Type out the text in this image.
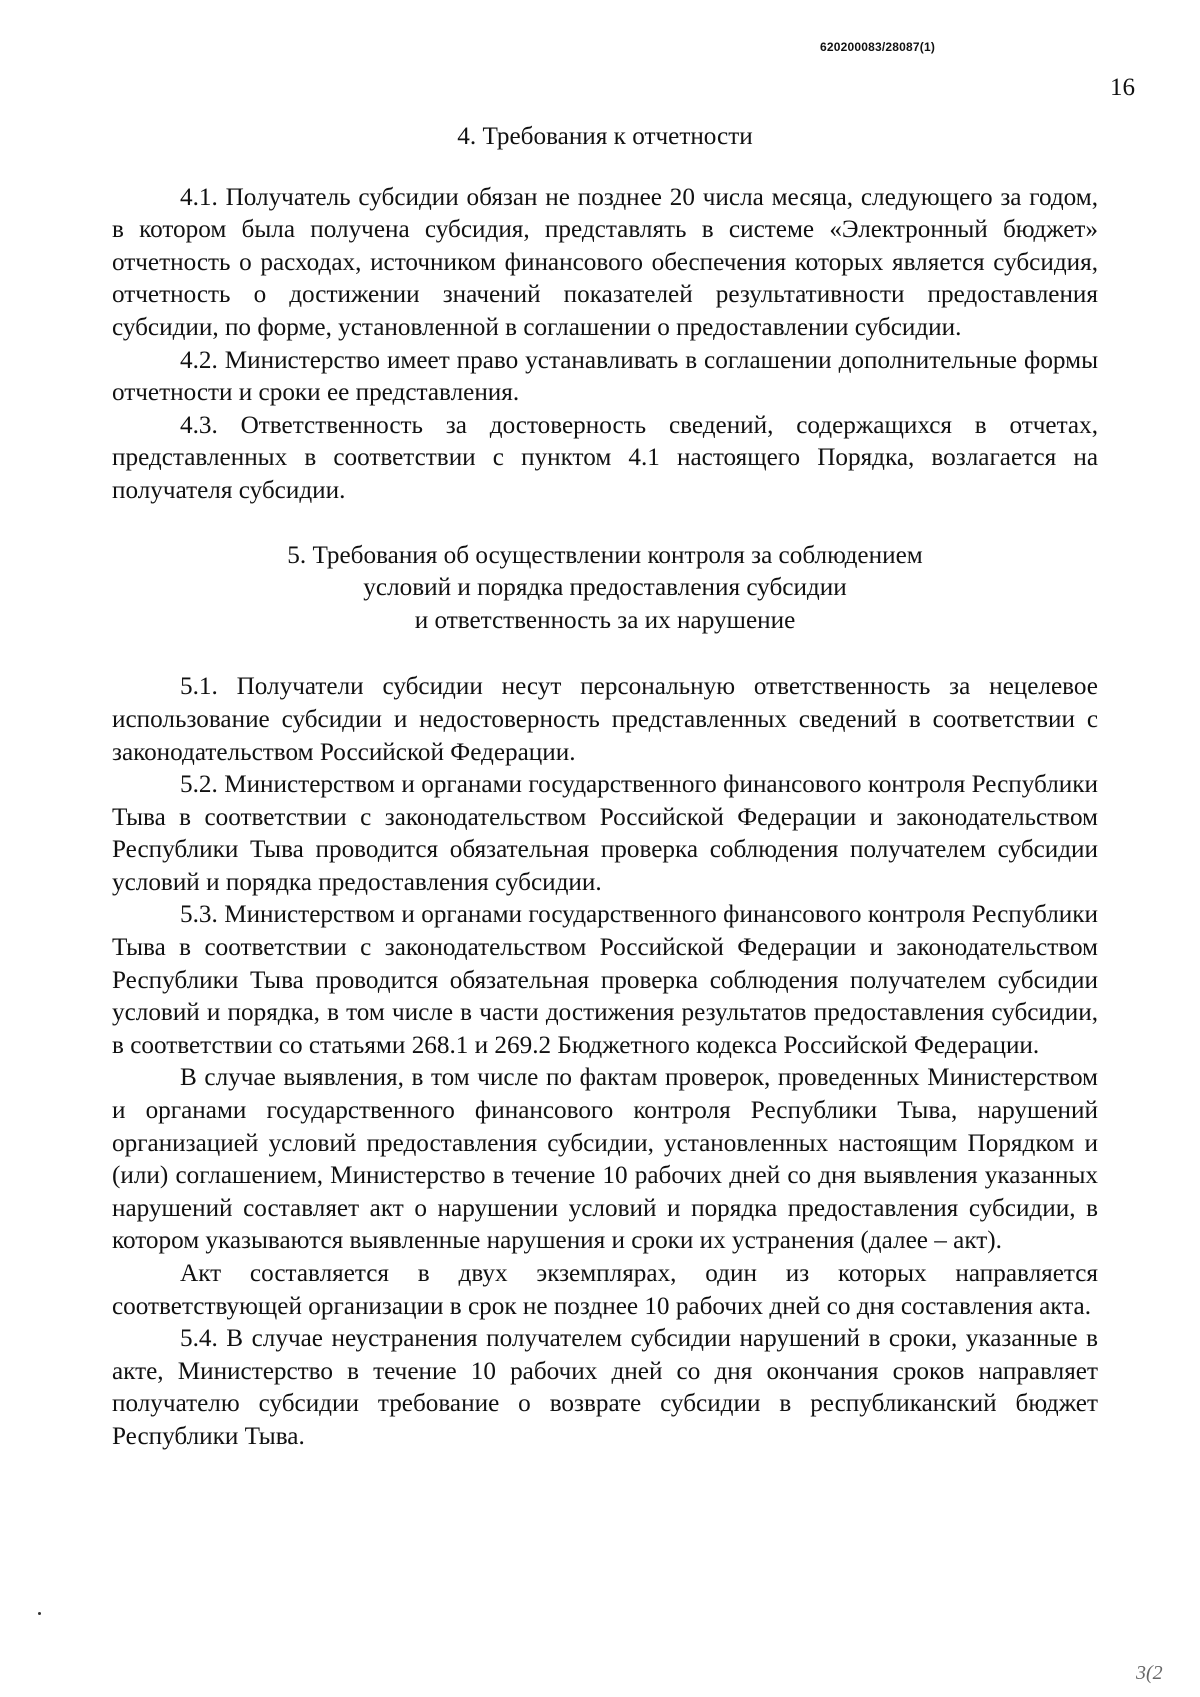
620200083/28087(1)
16
4. Требования к отчетности

4.1. Получатель субсидии обязан не позднее 20 числа месяца, следующего за годом, в котором была получена субсидия, представлять в системе «Электронный бюджет» отчетность о расходах, источником финансового обеспечения которых является субсидия, отчетность о достижении значений показателей результативности предоставления субсидии, по форме, установленной в соглашении о предоставлении субсидии.

4.2. Министерство имеет право устанавливать в соглашении дополнительные формы отчетности и сроки ее представления.

4.3. Ответственность за достоверность сведений, содержащихся в отчетах, представленных в соответствии с пунктом 4.1 настоящего Порядка, возлагается на получателя субсидии.

5. Требования об осуществлении контроля за соблюдением
условий и порядка предоставления субсидии
и ответственность за их нарушение

5.1. Получатели субсидии несут персональную ответственность за нецелевое использование субсидии и недостоверность представленных сведений в соответствии с законодательством Российской Федерации.

5.2. Министерством и органами государственного финансового контроля Республики Тыва в соответствии с законодательством Российской Федерации и законодательством Республики Тыва проводится обязательная проверка соблюдения получателем субсидии условий и порядка предоставления субсидии.

5.3. Министерством и органами государственного финансового контроля Республики Тыва в соответствии с законодательством Российской Федерации и законодательством Республики Тыва проводится обязательная проверка соблюдения получателем субсидии условий и порядка, в том числе в части достижения результатов предоставления субсидии, в соответствии со статьями 268.1 и 269.2 Бюджетного кодекса Российской Федерации.

В случае выявления, в том числе по фактам проверок, проведенных Министерством и органами государственного финансового контроля Республики Тыва, нарушений организацией условий предоставления субсидии, установленных настоящим Порядком и (или) соглашением, Министерство в течение 10 рабочих дней со дня выявления указанных нарушений составляет акт о нарушении условий и порядка предоставления субсидии, в котором указываются выявленные нарушения и сроки их устранения (далее – акт).

Акт составляется в двух экземплярах, один из которых направляется соответствующей организации в срок не позднее 10 рабочих дней со дня составления акта.

5.4. В случае неустранения получателем субсидии нарушений в сроки, указанные в акте, Министерство в течение 10 рабочих дней со дня окончания сроков направляет получателю субсидии требование о возврате субсидии в республиканский бюджет Республики Тыва.

3(2
